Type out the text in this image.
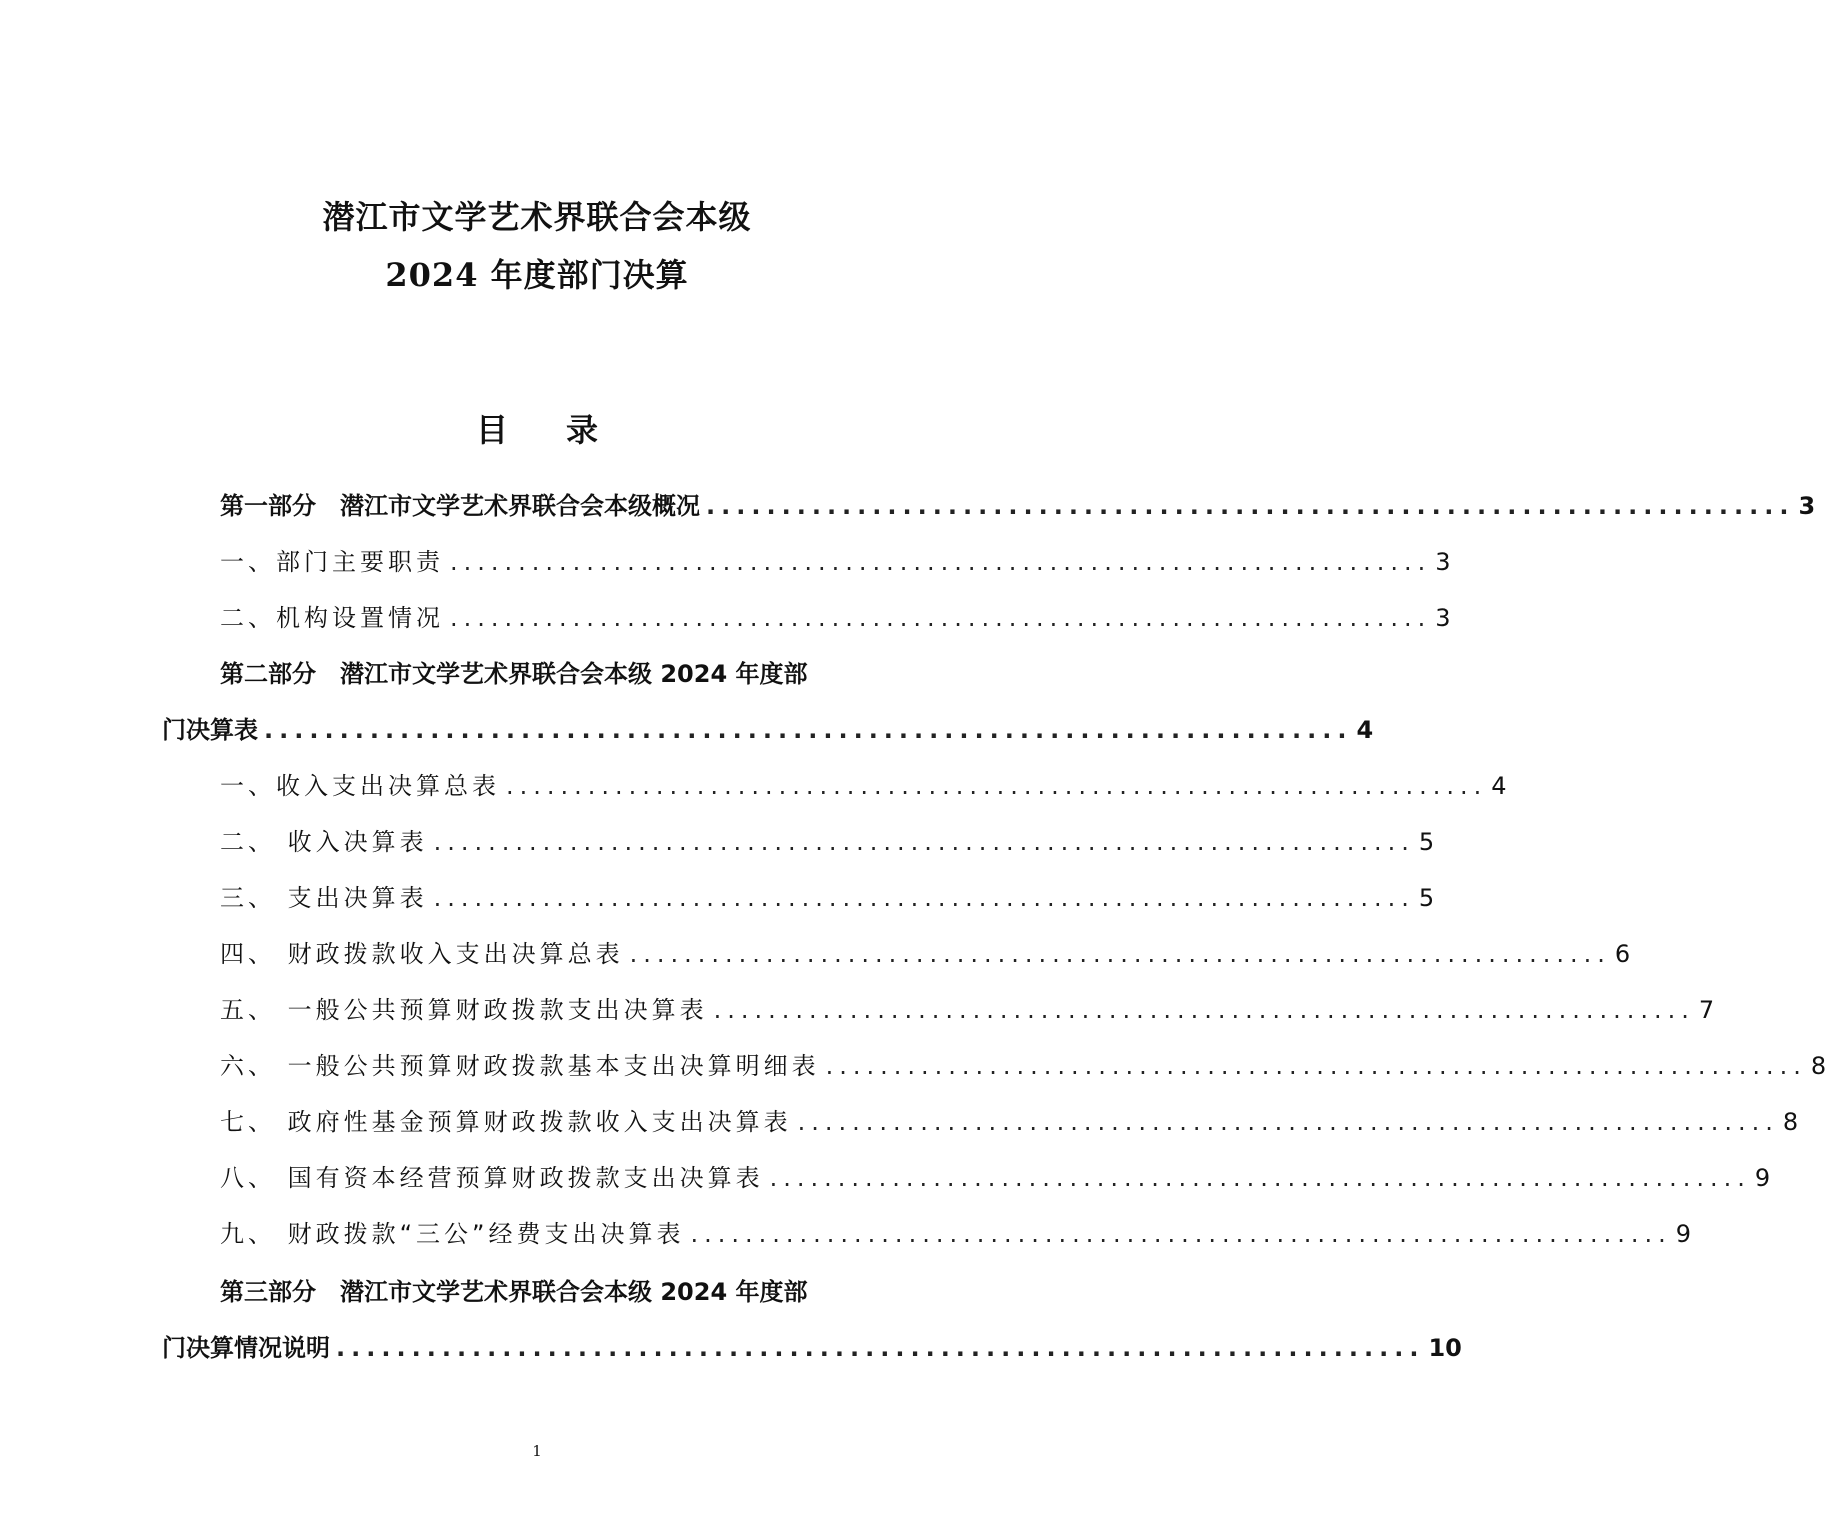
潜江市文学艺术界联合会本级
2024 年度部门决算
目 录
第一部分　潜江市文学艺术界联合会本级概况 ........................................................................ 3
一、部门主要职责 ........................................................................ 3
二、机构设置情况 ........................................................................ 3
第二部分　潜江市文学艺术界联合会本级 2024 年度部
门决算表 ........................................................................ 4
一、收入支出决算总表 ........................................................................ 4
二、 收入决算表 ........................................................................ 5
三、 支出决算表 ........................................................................ 5
四、 财政拨款收入支出决算总表 ........................................................................ 6
五、 一般公共预算财政拨款支出决算表 ........................................................................ 7
六、 一般公共预算财政拨款基本支出决算明细表 ........................................................................ 8
七、 政府性基金预算财政拨款收入支出决算表 ........................................................................ 8
八、 国有资本经营预算财政拨款支出决算表 ........................................................................ 9
九、 财政拨款“三公”经费支出决算表 ........................................................................ 9
第三部分　潜江市文学艺术界联合会本级 2024 年度部
门决算情况说明 ........................................................................ 10
1
